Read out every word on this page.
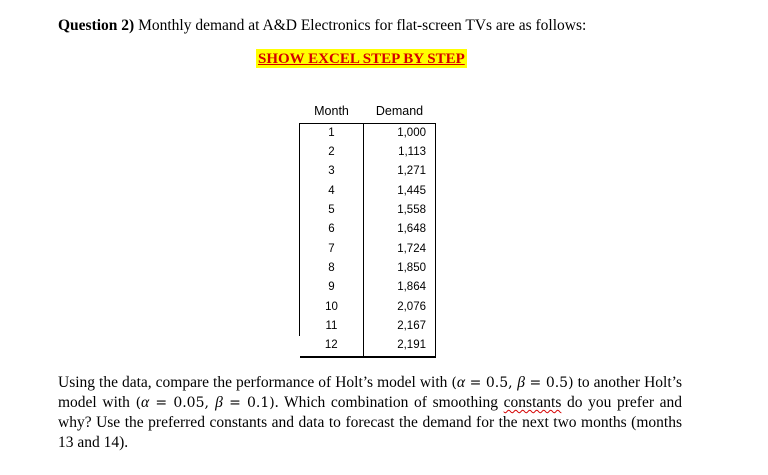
Question 2) Monthly demand at A&D Electronics for flat-screen TVs are as follows:
SHOW EXCEL STEP BY STEP
Month	Demand
1	1,000
2	1,113
3	1,271
4	1,445
5	1,558
6	1,648
7	1,724
8	1,850
9	1,864
10	2,076
11	2,167
12	2,191
Using the data, compare the performance of Holt’s model with (α = 0.5, β = 0.5) to another Holt’s model with (α = 0.05, β = 0.1). Which combination of smoothing constants do you prefer and why? Use the preferred constants and data to forecast the demand for the next two months (months 13 and 14).
